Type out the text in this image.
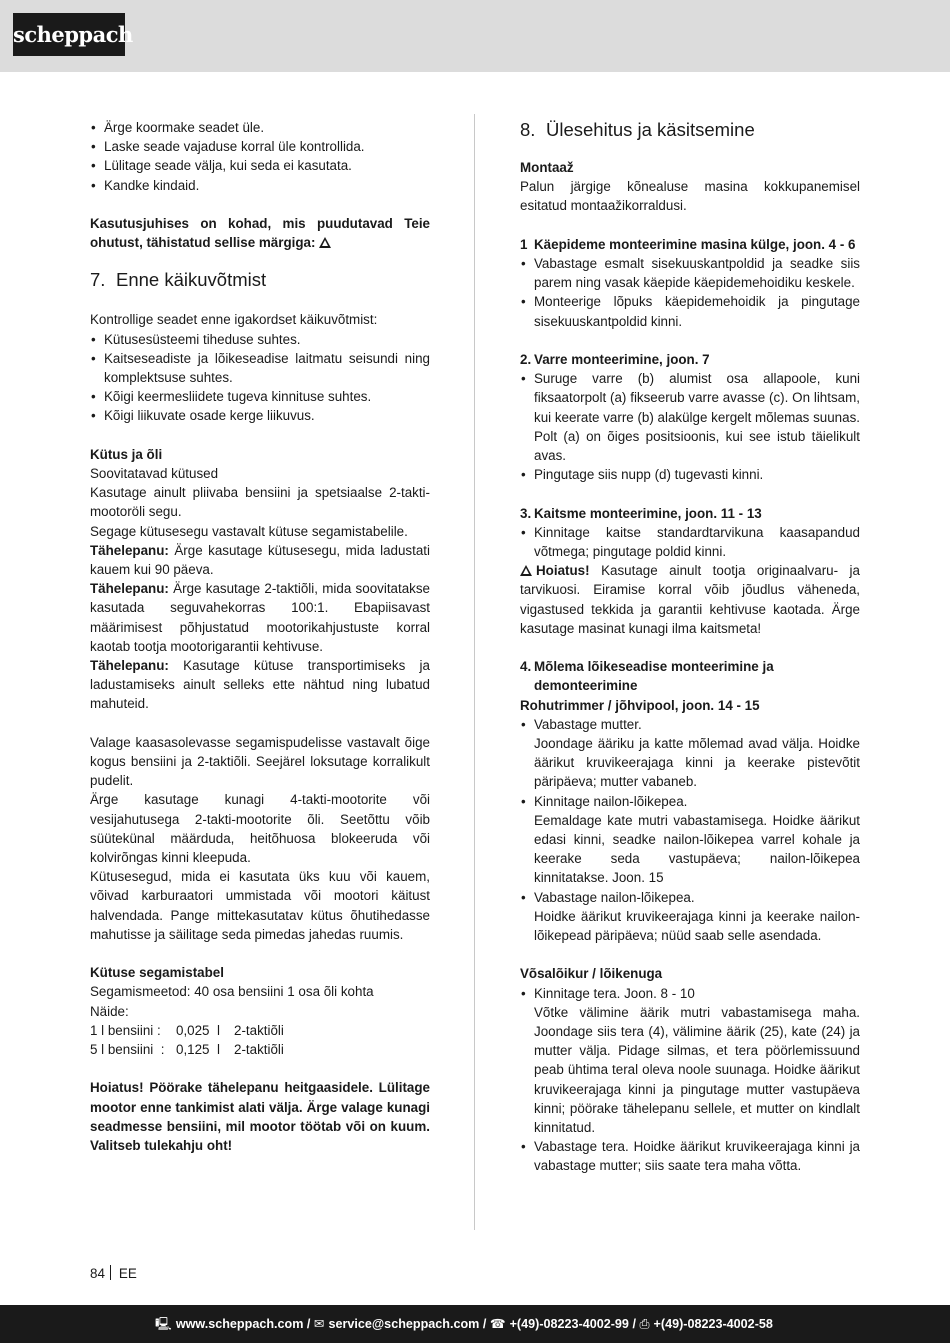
scheppach
• Ärge koormake seadet üle.
• Laske seade vajaduse korral üle kontrollida.
• Lülitage seade välja, kui seda ei kasutata.
• Kandke kindaid.

Kasutusjuhises on kohad, mis puudutavad Teie ohutust, tähistatud sellise märgiga:

7. Enne käikuvõtmist

Kontrollige seadet enne igakordset käikuvõtmist:

• Kütusesüsteemi tiheduse suhtes.
• Kaitseseadiste ja lõikeseadise laitmatu seisundi ning komplektsuse suhtes.
• Kõigi keermesliidete tugeva kinnituse suhtes.
• Kõigi liikuvate osade kerge liikuvus.

Kütus ja õli

Soovitatavad kütused

Kasutage ainult pliivaba bensiini ja spetsiaalse 2-takti-mootoröli segu.

Segage kütusesegu vastavalt kütuse segamistabelile.

Tähelepanu: Ärge kasutage kütusesegu, mida ladustati kauem kui 90 päeva.

Tähelepanu: Ärge kasutage 2-taktiõli, mida soovitatakse kasutada seguvahekorras 100:1. Ebapiisavast määrimisest põhjustatud mootorikahjustuste korral kaotab tootja mootorigarantii kehtivuse.

Tähelepanu: Kasutage kütuse transportimiseks ja ladustamiseks ainult selleks ette nähtud ning lubatud mahuteid.

Valage kaasasolevasse segamispudelisse vastavalt õige kogus bensiini ja 2-taktiõli. Seejärel loksutage korralikult pudelit.

Ärge kasutage kunagi 4-takti-mootorite või vesijahutusega 2-takti-mootorite õli. Seetõttu võib süütekünal määrduda, heitõhuosa blokeeruda või kolvirõngas kinni kleepuda.

Kütusesegud, mida ei kasutata üks kuu või kauem, võivad karburaatori ummistada või mootori käitust halvendada. Pange mittekasutatav kütus õhutihedasse mahutisse ja säilitage seda pimedas jahedas ruumis.

Kütuse segamistabel

Segamismeetod: 40 osa bensiini 1 osa õli kohta

Näide:

1 l bensiini :	0,025  l	2-taktiõli
5 l bensiini  : 0,125  l	2-taktiõli

Hoiatus! Pöörake tähelepanu heitgaasidele. Lülitage mootor enne tankimist alati välja. Ärge valage kunagi seadmesse bensiini, mil mootor töötab või on kuum. Valitseb tulekahju oht!

8. Ülesehitus ja käsitsemine

Montaaž

Palun järgige kõnealuse masina kokkupanemisel esitatud montaažikorraldusi.

1 Käepideme monteerimine masina külge, joon. 4 - 6
• Vabastage esmalt sisekuuskantpoldid ja seadke siis parem ning vasak käepide käepidemehoidiku keskele.
• Monteerige lõpuks käepidemehoidik ja pingutage sisekuuskantpoldid kinni.
2. Varre monteerimine, joon. 7
• Suruge varre (b) alumist osa allapoole, kuni fiksaatorpolt (a) fikseerub varre avasse (c). On lihtsam, kui keerate varre (b) alakülge kergelt mõlemas suunas. Polt (a) on õiges positsioonis, kui see istub täielikult avas.
• Pingutage siis nupp (d) tugevasti kinni.
3. Kaitsme monteerimine, joon. 11 - 13
• Kinnitage kaitse standardtarvikuna kaasapandud võtmega; pingutage poldid kinni.

Hoiatus! Kasutage ainult tootja originaalvaru- ja tarvikuosi. Eiramise korral võib jõudlus väheneda, vigastused tekkida ja garantii kehtivuse kaotada. Ärge kasutage masinat kunagi ilma kaitsmeta!

4. Mõlema lõikeseadise monteerimine ja demonteerimine

Rohutrimmer / jõhvipool, joon. 14 - 15

• Vabastage mutter.
Joondage ääriku ja katte mõlemad avad välja. Hoidke äärikut kruvikeerajaga kinni ja keerake pistevõtit päripäeva; mutter vabaneb.
• Kinnitage nailon-lõikepea.
Eemaldage kate mutri vabastamisega. Hoidke äärikut edasi kinni, seadke nailon-lõikepea varrel kohale ja keerake seda vastupäeva; nailon-lõikepea kinnitatakse. Joon. 15
• Vabastage nailon-lõikepea.
Hoidke äärikut kruvikeerajaga kinni ja keerake nailon-lõikepead päripäeva; nüüd saab selle asendada.

Võsalõikur / lõikenuga

• Kinnitage tera. Joon. 8 - 10
Võtke välimine äärik mutri vabastamisega maha. Joondage siis tera (4), välimine äärik (25), kate (24) ja mutter välja. Pidage silmas, et tera pöörlemissuund peab ühtima teral oleva noole suunaga. Hoidke äärikut kruvikeerajaga kinni ja pingutage mutter vastupäeva kinni; pöörake tähelepanu sellele, et mutter on kindlalt kinnitatud.
• Vabastage tera. Hoidke äärikut kruvikeerajaga kinni ja vabastage mutter; siis saate tera maha võtta.
84 EE
🖳︎ www.scheppach.com / ✉︎ service@scheppach.com / ☎︎ +(49)-08223-4002-99 / ⎙ +(49)-08223-4002-58
